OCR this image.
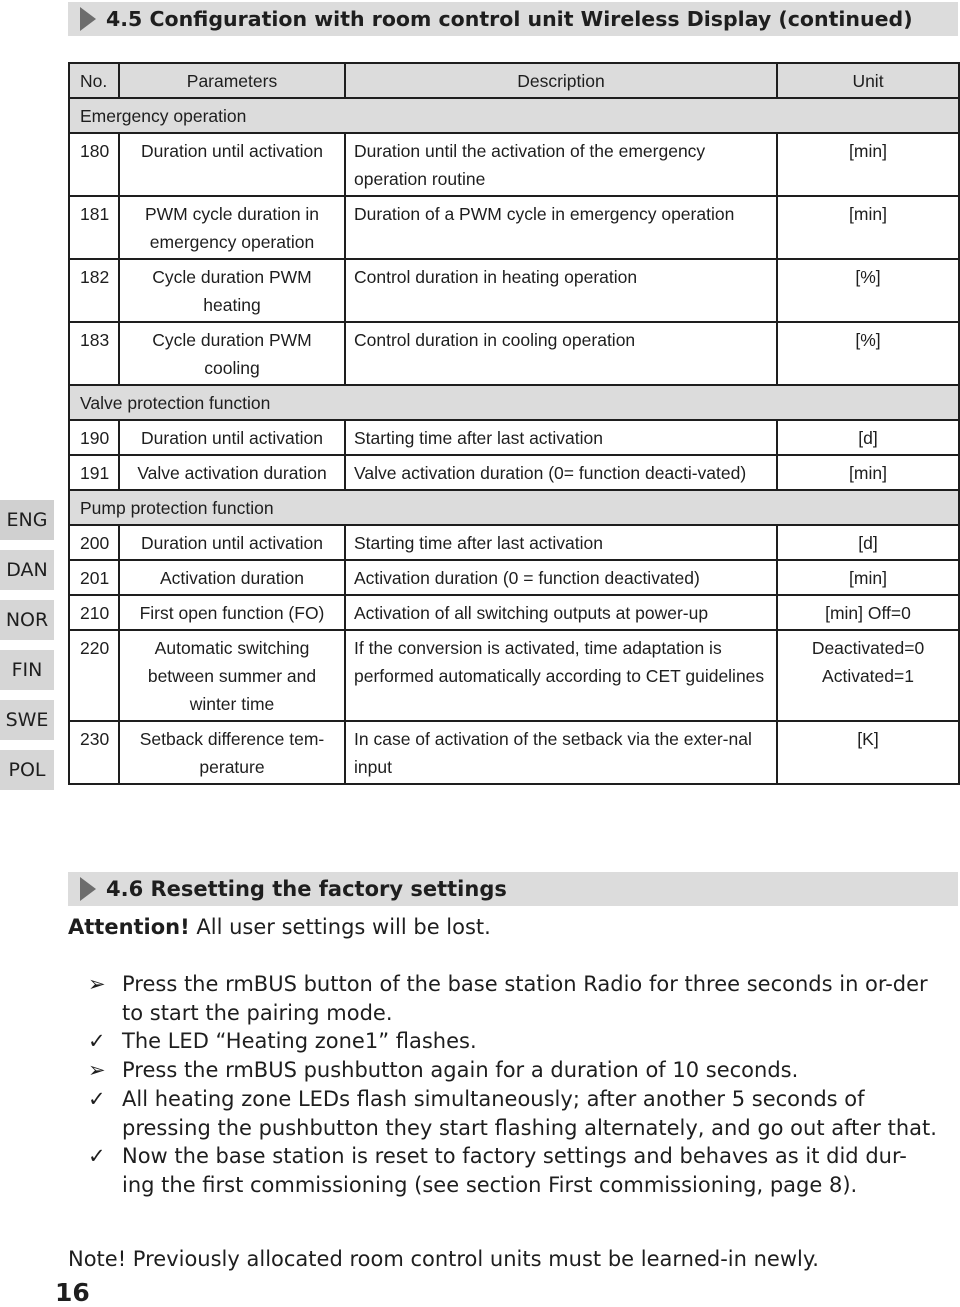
4.5 Configuration with room control unit Wireless Display (continued)
No.	Parameters	Description	Unit
Emergency operation			
180	Duration until activation	Duration until the activation of the emergency operation routine	[min]
181	PWM cycle duration in emergency operation	Duration of a PWM cycle in emergency operation	[min]
182	Cycle duration PWM heating	Control duration in heating operation	[%]
183	Cycle duration PWM cooling	Control duration in cooling operation	[%]
Valve protection function			
190	Duration until activation	Starting time after last activation	[d]
191	Valve activation duration	Valve activation duration (0= function deacti-vated)	[min]
Pump protection function			
200	Duration until activation	Starting time after last activation	[d]
201	Activation duration	Activation duration (0 = function deactivated)	[min]
210	First open function (FO)	Activation of all switching outputs at power-up	[min] Off=0
220	Automatic switching between summer and winter time	If the conversion is activated, time adaptation is performed automatically according to CET guidelines	Deactivated=0 Activated=1
230	Setback difference tem-perature	In case of activation of the setback via the exter-nal input	[K]
ENG
DAN
NOR
FIN
SWE
POL
4.6 Resetting the factory settings
Attention! All user settings will be lost.
➢ Press the rmBUS button of the base station Radio for three seconds in or-der to start the pairing mode.
✓ The LED “Heating zone1” flashes.
➢ Press the rmBUS pushbutton again for a duration of 10 seconds.
✓ All heating zone LEDs flash simultaneously; after another 5 seconds of pressing the pushbutton they start flashing alternately, and go out after that.
✓ Now the base station is reset to factory settings and behaves as it did dur-ing the first commissioning (see section First commissioning, page 8).
Note! Previously allocated room control units must be learned-in newly.
16
